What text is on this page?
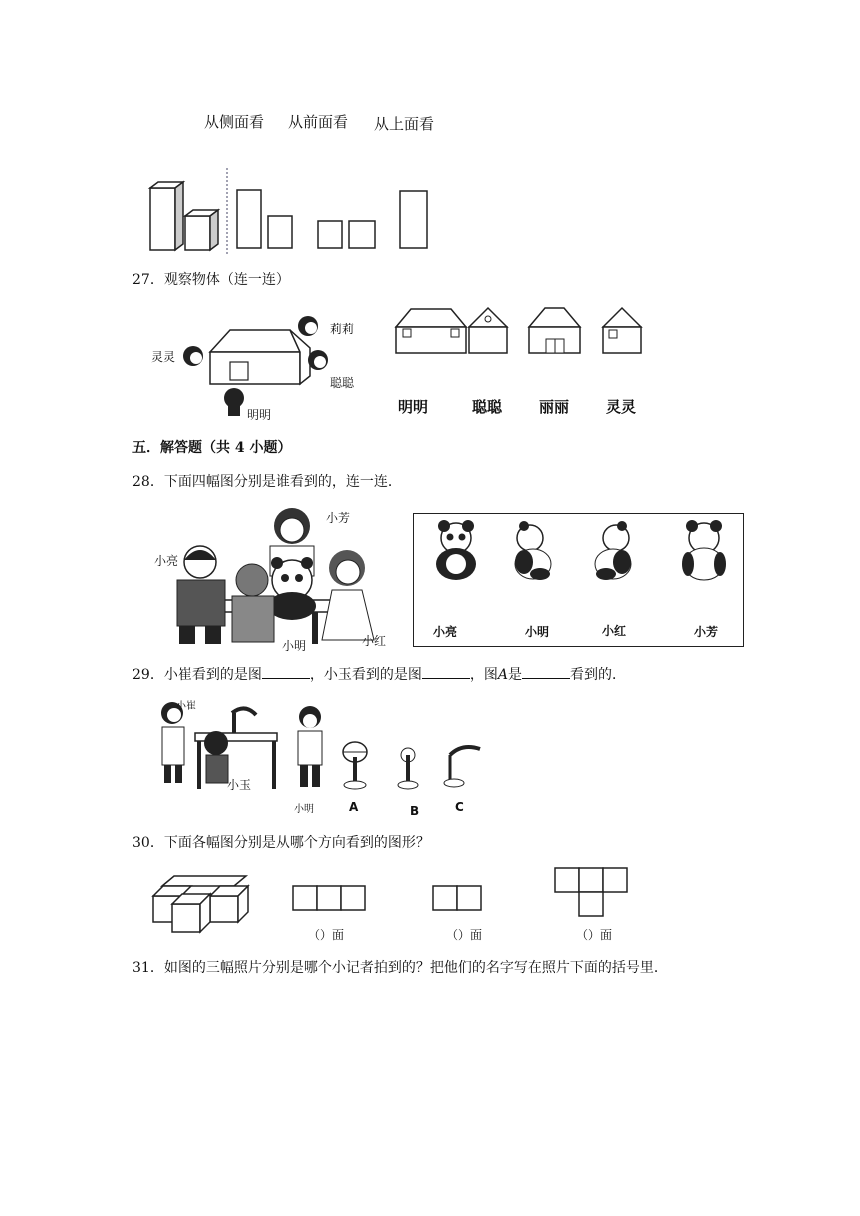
从侧面看 从前面看 从上面看
27．观察物体（连一连）
灵灵
莉莉
聪聪
明明	明明	聪聪 丽丽 灵灵
五．解答题（共 4 小题）
28．下面四幅图分别是谁看到的，连一连．
小芳
小亮
小明	小红
小亮	小明	小红	小芳
29．小崔看到的是图	，小玉看到的是图	，图A是	看到的．
小崔
小玉
小明	A	B	C
30．下面各幅图分别是从哪个方向看到的图形？
（）面	（）面	（）面
31．如图的三幅照片分别是哪个小记者拍到的？把他们的名字写在照片下面的括号里．
